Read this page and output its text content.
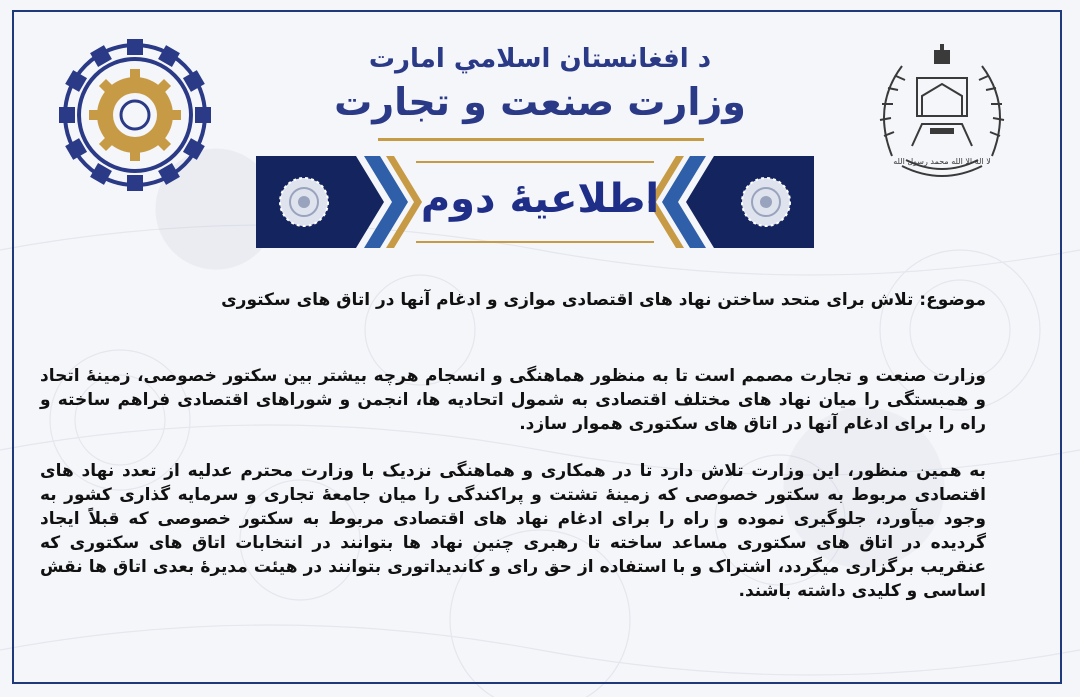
لا اله الا الله محمد رسول الله
د افغانستان اسلامي امارت
وزارت صنعت و تجارت
اطلاعیهٔ دوم
موضوع: تلاش برای متحد ساختن نهاد های اقتصادی موازی و ادغام آنها در اتاق های سکتوری

وزارت صنعت و تجارت مصمم است تا به منظور هماهنگی و انسجام هرچه بیشتر بین سکتور خصوصی، زمینهٔ اتحاد و همبستگی را میان نهاد های مختلف اقتصادی به شمول اتحادیه ها، انجمن و شوراهای اقتصادی فراهم ساخته و راه را برای ادغام آنها در اتاق های سکتوری هموار سازد.

به همین منظور، این وزارت تلاش دارد تا در همکاری و هماهنگی نزدیک با وزارت محترم عدلیه از تعدد نهاد های اقتصادی مربوط به سکتور خصوصی که زمینهٔ تشتت و پراکندگی را میان جامعهٔ تجاری و سرمایه گذاری کشور به وجود میآورد، جلوگیری نموده و راه را برای ادغام نهاد های اقتصادی مربوط به سکتور خصوصی که قبلاً ایجاد گردیده در اتاق های سکتوری مساعد ساخته تا رهبری چنین نهاد ها بتوانند در انتخابات اتاق های سکتوری که عنقریب برگزاری میگردد، اشتراک و با استفاده از حق رای و کاندیداتوری بتوانند در هیئت مدیرهٔ بعدی اتاق ها نقش اساسی و کلیدی داشته باشند.
